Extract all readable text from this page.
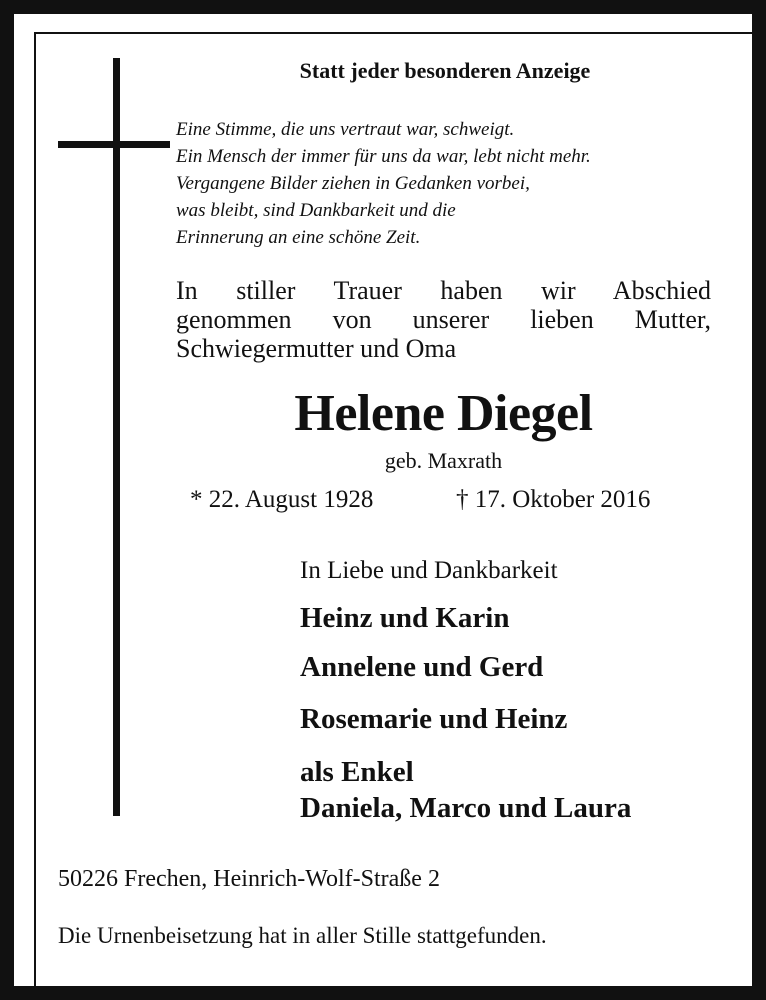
Statt jeder besonderen Anzeige
Eine Stimme, die uns vertraut war, schweigt.
Ein Mensch der immer für uns da war, lebt nicht mehr.
Vergangene Bilder ziehen in Gedanken vorbei,
was bleibt, sind Dankbarkeit und die
Erinnerung an eine schöne Zeit.
In stiller Trauer haben wir Abschied
genommen von unserer lieben Mutter,
Schwiegermutter und Oma
Helene Diegel
geb. Maxrath
* 22. August 1928	† 17. Oktober 2016
In Liebe und Dankbarkeit
Heinz und Karin
Annelene und Gerd
Rosemarie und Heinz
als Enkel
Daniela, Marco und Laura
50226 Frechen, Heinrich-Wolf-Straße 2
Die Urnenbeisetzung hat in aller Stille stattgefunden.
